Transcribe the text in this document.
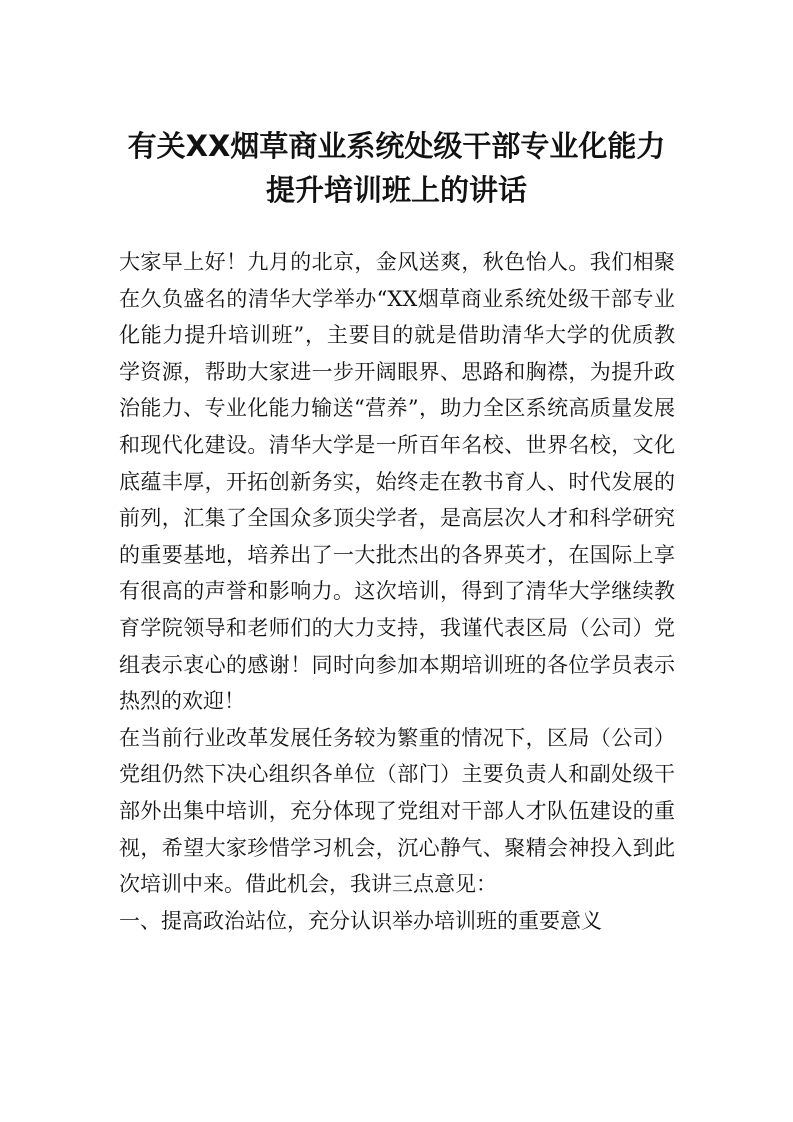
有关XX烟草商业系统处级干部专业化能力
提升培训班上的讲话

大家早上好！九月的北京，金风送爽，秋色怡人。我们相聚在久负盛名的清华大学举办“XX烟草商业系统处级干部专业化能力提升培训班”，主要目的就是借助清华大学的优质教学资源，帮助大家进一步开阔眼界、思路和胸襟，为提升政治能力、专业化能力输送“营养”，助力全区系统高质量发展和现代化建设。清华大学是一所百年名校、世界名校，文化底蕴丰厚，开拓创新务实，始终走在教书育人、时代发展的前列，汇集了全国众多顶尖学者，是高层次人才和科学研究的重要基地，培养出了一大批杰出的各界英才，在国际上享有很高的声誉和影响力。这次培训，得到了清华大学继续教育学院领导和老师们的大力支持，我谨代表区局（公司）党组表示衷心的感谢！同时向参加本期培训班的各位学员表示热烈的欢迎！

在当前行业改革发展任务较为繁重的情况下，区局（公司）党组仍然下决心组织各单位（部门）主要负责人和副处级干部外出集中培训，充分体现了党组对干部人才队伍建设的重视，希望大家珍惜学习机会，沉心静气、聚精会神投入到此次培训中来。借此机会，我讲三点意见：

一、提高政治站位，充分认识举办培训班的重要意义
